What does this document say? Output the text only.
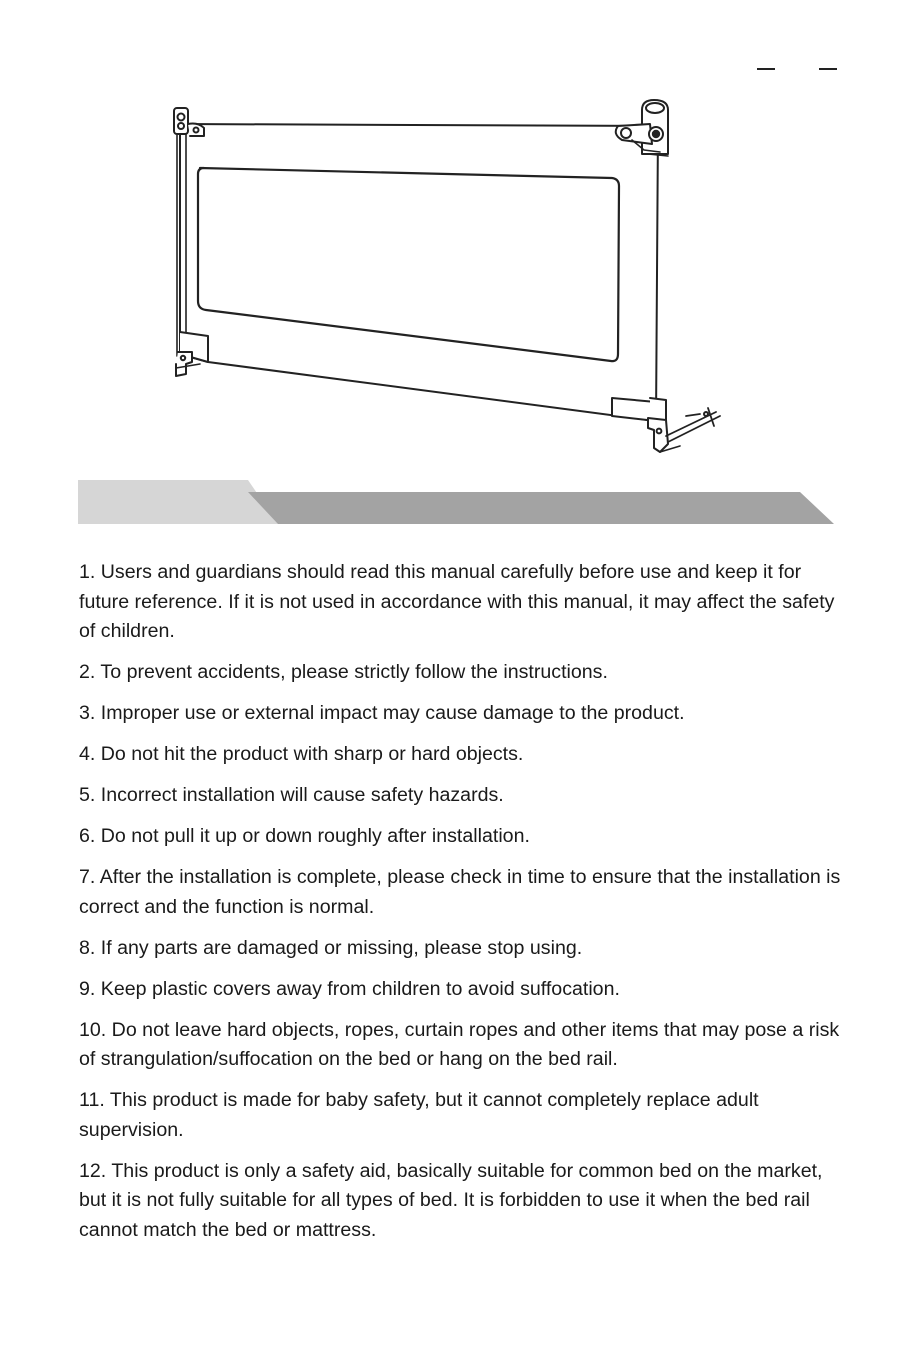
1. Users and guardians should read this manual carefully before use and keep it for future reference. If it is not used in accordance with this manual, it may affect the safety of children.
2. To prevent accidents, please strictly follow the instructions.
3. Improper use or external impact may cause damage to the product.
4. Do not hit the product with sharp or hard objects.
5. Incorrect installation will cause safety hazards.
6. Do not pull it up or down roughly after installation.
7. After the installation is complete, please check in time to ensure that the installation is correct and the function is normal.
8. If any parts are damaged or missing, please stop using.
9. Keep plastic covers away from children to avoid suffocation.
10. Do not leave hard objects, ropes, curtain ropes and other items that may pose a risk of strangulation/suffocation on the bed or hang on the bed rail.
11. This product is made for baby safety, but it cannot completely replace adult supervision.
12. This product is only a safety aid, basically suitable for common bed on the market, but it is not fully suitable for all types of bed. It is forbidden to use it when the bed rail cannot match the bed or mattress.
